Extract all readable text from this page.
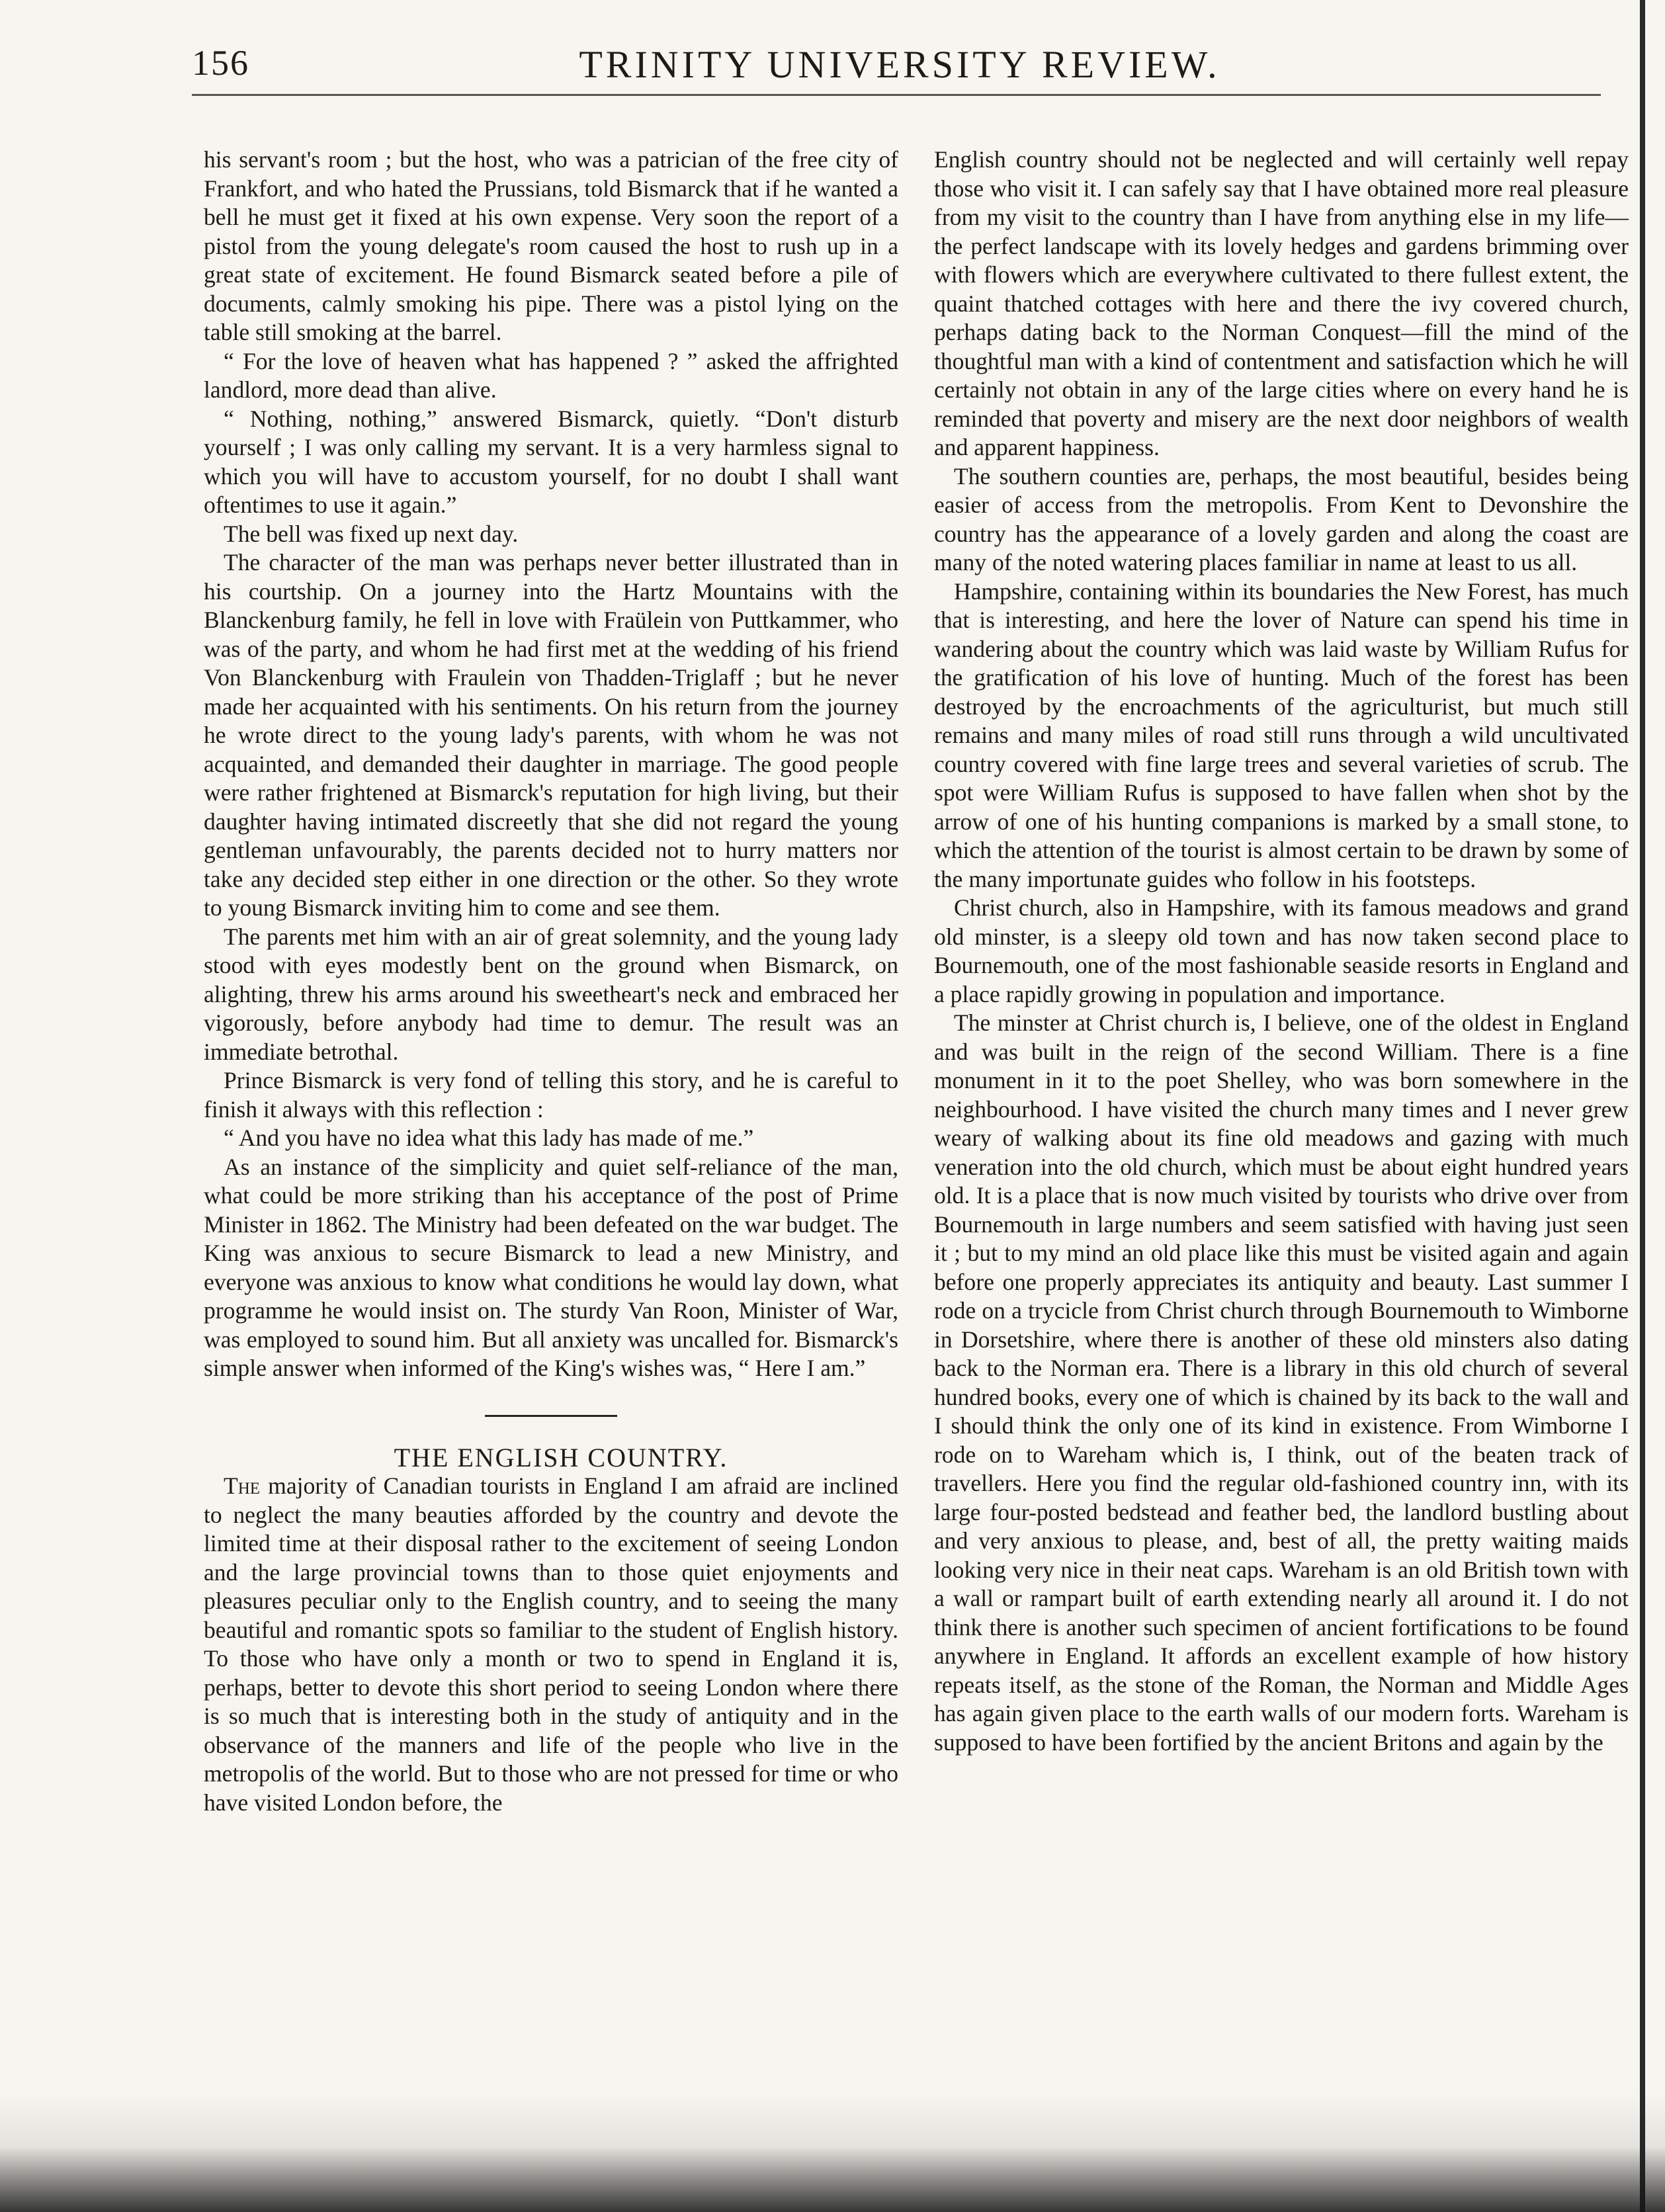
156	TRINITY UNIVERSITY REVIEW.

his servant's room ; but the host, who was a patrician of the free city of Frankfort, and who hated the Prussians, told Bismarck that if he wanted a bell he must get it fixed at his own expense. Very soon the report of a pistol from the young delegate's room caused the host to rush up in a great state of excitement. He found Bismarck seated before a pile of documents, calmly smoking his pipe. There was a pistol lying on the table still smoking at the barrel.

“ For the love of heaven what has happened ? ” asked the affrighted landlord, more dead than alive.

“ Nothing, nothing,” answered Bismarck, quietly. “Don't disturb yourself ; I was only calling my servant. It is a very harmless signal to which you will have to accustom yourself, for no doubt I shall want oftentimes to use it again.”

The bell was fixed up next day.

The character of the man was perhaps never better illustrated than in his courtship. On a journey into the Hartz Mountains with the Blanckenburg family, he fell in love with Fraülein von Puttkammer, who was of the party, and whom he had first met at the wedding of his friend Von Blanckenburg with Fraulein von Thadden-Triglaff ; but he never made her acquainted with his sentiments. On his return from the journey he wrote direct to the young lady's parents, with whom he was not acquainted, and demanded their daughter in marriage. The good people were rather frightened at Bismarck's reputation for high living, but their daughter having intimated discreetly that she did not regard the young gentleman unfavourably, the parents decided not to hurry matters nor take any decided step either in one direction or the other. So they wrote to young Bismarck inviting him to come and see them.

The parents met him with an air of great solemnity, and the young lady stood with eyes modestly bent on the ground when Bismarck, on alighting, threw his arms around his sweetheart's neck and embraced her vigorously, before anybody had time to demur. The result was an immediate betrothal.

Prince Bismarck is very fond of telling this story, and he is careful to finish it always with this reflection :

“ And you have no idea what this lady has made of me.”

As an instance of the simplicity and quiet self-reliance of the man, what could be more striking than his acceptance of the post of Prime Minister in 1862. The Ministry had been defeated on the war budget. The King was anxious to secure Bismarck to lead a new Ministry, and everyone was anxious to know what conditions he would lay down, what programme he would insist on. The sturdy Van Roon, Minister of War, was employed to sound him. But all anxiety was uncalled for. Bismarck's simple answer when informed of the King's wishes was, “ Here I am.”

THE ENGLISH COUNTRY.

The majority of Canadian tourists in England I am afraid are inclined to neglect the many beauties afforded by the country and devote the limited time at their disposal rather to the excitement of seeing London and the large provincial towns than to those quiet enjoyments and pleasures peculiar only to the English country, and to seeing the many beautiful and romantic spots so familiar to the student of English history. To those who have only a month or two to spend in England it is, perhaps, better to devote this short period to seeing London where there is so much that is interesting both in the study of antiquity and in the observance of the manners and life of the people who live in the metropolis of the world. But to those who are not pressed for time or who have visited London before, the

English country should not be neglected and will certainly well repay those who visit it. I can safely say that I have obtained more real pleasure from my visit to the country than I have from anything else in my life—the perfect landscape with its lovely hedges and gardens brimming over with flowers which are everywhere cultivated to there fullest extent, the quaint thatched cottages with here and there the ivy covered church, perhaps dating back to the Norman Conquest—fill the mind of the thoughtful man with a kind of contentment and satisfaction which he will certainly not obtain in any of the large cities where on every hand he is reminded that poverty and misery are the next door neighbors of wealth and apparent happiness.

The southern counties are, perhaps, the most beautiful, besides being easier of access from the metropolis. From Kent to Devonshire the country has the appearance of a lovely garden and along the coast are many of the noted watering places familiar in name at least to us all.

Hampshire, containing within its boundaries the New Forest, has much that is interesting, and here the lover of Nature can spend his time in wandering about the country which was laid waste by William Rufus for the gratification of his love of hunting. Much of the forest has been destroyed by the encroachments of the agriculturist, but much still remains and many miles of road still runs through a wild uncultivated country covered with fine large trees and several varieties of scrub. The spot were William Rufus is supposed to have fallen when shot by the arrow of one of his hunting companions is marked by a small stone, to which the attention of the tourist is almost certain to be drawn by some of the many importunate guides who follow in his footsteps.

Christ church, also in Hampshire, with its famous meadows and grand old minster, is a sleepy old town and has now taken second place to Bournemouth, one of the most fashionable seaside resorts in England and a place rapidly growing in population and importance.

The minster at Christ church is, I believe, one of the oldest in England and was built in the reign of the second William. There is a fine monument in it to the poet Shelley, who was born somewhere in the neighbourhood. I have visited the church many times and I never grew weary of walking about its fine old meadows and gazing with much veneration into the old church, which must be about eight hundred years old. It is a place that is now much visited by tourists who drive over from Bournemouth in large numbers and seem satisfied with having just seen it ; but to my mind an old place like this must be visited again and again before one properly appreciates its antiquity and beauty. Last summer I rode on a trycicle from Christ church through Bournemouth to Wimborne in Dorsetshire, where there is another of these old minsters also dating back to the Norman era. There is a library in this old church of several hundred books, every one of which is chained by its back to the wall and I should think the only one of its kind in existence. From Wimborne I rode on to Wareham which is, I think, out of the beaten track of travellers. Here you find the regular old-fashioned country inn, with its large four-posted bedstead and feather bed, the landlord bustling about and very anxious to please, and, best of all, the pretty waiting maids looking very nice in their neat caps. Wareham is an old British town with a wall or rampart built of earth extending nearly all around it. I do not think there is another such specimen of ancient fortifications to be found anywhere in England. It affords an excellent example of how history repeats itself, as the stone of the Roman, the Norman and Middle Ages has again given place to the earth walls of our modern forts. Wareham is supposed to have been fortified by the ancient Britons and again by the
